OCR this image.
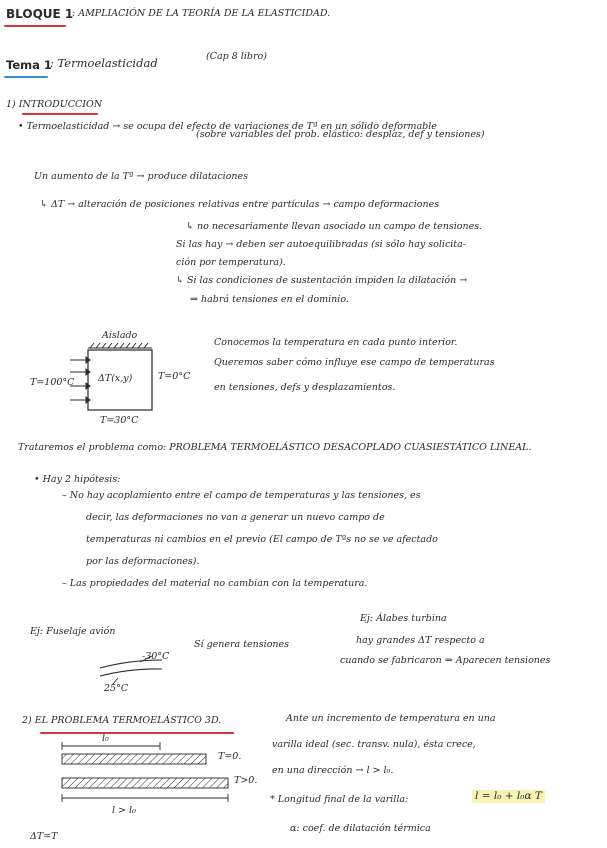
BLOQUE 1
: AMPLIACIÓN DE LA TEORÍA DE LA ELASTICIDAD.
Tema 1
: Termoelasticidad	(Cap 8 libro)
1) INTRODUCCIÓN
• Termoelasticidad → se ocupa del efecto de variaciones de Tª en un sólido deformable
(sobre variables del prob. elástico: desplaz, def y tensiones)
Un aumento de la Tª → produce dilataciones
↳ ΔT → alteración de posiciones relativas entre partículas → campo deformaciones
↳ no necesariamente llevan asociado un campo de tensiones.
Si las hay → deben ser autoequilibradas (si sólo hay solicita-
ción por temperatura).
↳ Si las condiciones de sustentación impiden la dilatación →
⇒ habrá tensiones en el dominio.
Aislado
T=100°C ΔT(x,y)	T=0°C
T=30°C
Conocemos la temperatura en cada punto interior.
Queremos saber cómo influye ese campo de temperaturas
en tensiones, defs y desplazamientos.
Trataremos el problema como: PROBLEMA TERMOELÁSTICO DESACOPLADO CUASIESTÁTICO LINEAL.
• Hay 2 hipótesis:
– No hay acoplamiento entre el campo de temperaturas y las tensiones, es
decir, las deformaciones no van a generar un nuevo campo de
temperaturas ni cambios en el previo (El campo de Tªs no se ve afectado
por las deformaciones).
– Las propiedades del material no cambian con la temperatura.
Ej: Fuselaje avión
-30°C
25°C
Sí genera tensiones
Ej: Álabes turbina
hay grandes ΔT respecto a
cuando se fabricaron ⇒ Aparecen tensiones
2) EL PROBLEMA TERMOELÁSTICO 3D.
l₀
T=0.
T>0.
l > l₀
ΔT=T
Ante un incremento de temperatura en una
varilla ideal (sec. transv. nula), ésta crece,
en una dirección → l > l₀.
* Longitud final de la varilla:	l = l₀ + l₀α T
α: coef. de dilatación térmica
